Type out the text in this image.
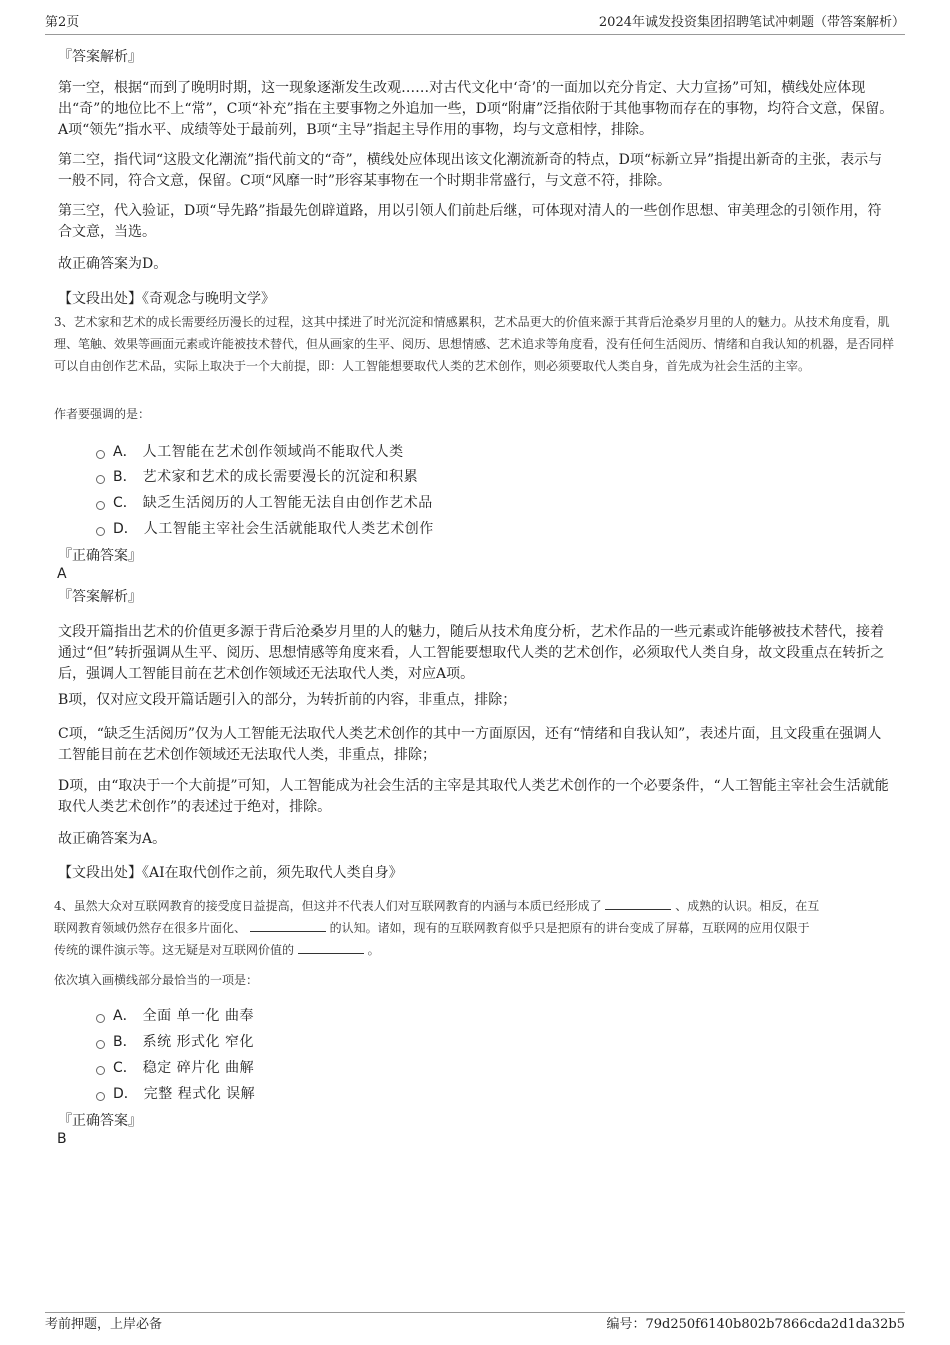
第2页	2024年诚发投资集团招聘笔试冲刺题（带答案解析）
『答案解析』
第一空，根据“而到了晚明时期，这一现象逐渐发生改观……对古代文化中‘奇’的一面加以充分肯定、大力宣扬”可知，横线处应体现出“奇”的地位比不上“常”，C项“补充”指在主要事物之外追加一些，D项“附庸”泛指依附于其他事物而存在的事物，均符合文意，保留。A项“领先”指水平、成绩等处于最前列，B项“主导”指起主导作用的事物，均与文意相悖，排除。
第二空，指代词“这股文化潮流”指代前文的“奇”，横线处应体现出该文化潮流新奇的特点，D项“标新立异”指提出新奇的主张，表示与一般不同，符合文意，保留。C项“风靡一时”形容某事物在一个时期非常盛行，与文意不符，排除。
第三空，代入验证，D项“导先路”指最先创辟道路，用以引领人们前赴后继，可体现对清人的一些创作思想、审美理念的引领作用，符合文意，当选。
故正确答案为D。
【文段出处】《奇观念与晚明文学》
3、艺术家和艺术的成长需要经历漫长的过程，这其中揉进了时光沉淀和情感累积，艺术品更大的价值来源于其背后沧桑岁月里的人的魅力。从技术角度看，肌理、笔触、效果等画面元素或许能被技术替代，但从画家的生平、阅历、思想情感、艺术追求等角度看，没有任何生活阅历、情绪和自我认知的机器，是否同样可以自由创作艺术品，实际上取决于一个大前提，即：人工智能想要取代人类的艺术创作，则必须要取代人类自身，首先成为社会生活的主宰。
作者要强调的是：
A． 人工智能在艺术创作领域尚不能取代人类
B． 艺术家和艺术的成长需要漫长的沉淀和积累
C． 缺乏生活阅历的人工智能无法自由创作艺术品
D． 人工智能主宰社会生活就能取代人类艺术创作
『正确答案』
A
『答案解析』
文段开篇指出艺术的价值更多源于背后沧桑岁月里的人的魅力，随后从技术角度分析，艺术作品的一些元素或许能够被技术替代，接着通过“但”转折强调从生平、阅历、思想情感等角度来看，人工智能要想取代人类的艺术创作，必须取代人类自身，故文段重点在转折之后，强调人工智能目前在艺术创作领域还无法取代人类，对应A项。
B项，仅对应文段开篇话题引入的部分，为转折前的内容，非重点，排除；
C项，“缺乏生活阅历”仅为人工智能无法取代人类艺术创作的其中一方面原因，还有“情绪和自我认知”，表述片面，且文段重在强调人工智能目前在艺术创作领域还无法取代人类，非重点，排除；
D项，由“取决于一个大前提”可知，人工智能成为社会生活的主宰是其取代人类艺术创作的一个必要条件，“人工智能主宰社会生活就能取代人类艺术创作”的表述过于绝对，排除。
故正确答案为A。
【文段出处】《AI在取代创作之前，须先取代人类自身》
4、虽然大众对互联网教育的接受度日益提高，但这并不代表人们对互联网教育的内涵与本质已经形成了	、成熟的认识。相反，在互
联网教育领域仍然存在很多片面化、	的认知。诸如，现有的互联网教育似乎只是把原有的讲台变成了屏幕，互联网的应用仅限于
传统的课件演示等。这无疑是对互联网价值的	。
依次填入画横线部分最恰当的一项是：
A． 全面 单一化 曲奉
B． 系统 形式化 窄化
C． 稳定 碎片化 曲解
D． 完整 程式化 误解
『正确答案』
B
考前押题，上岸必备	编号：79d250f6140b802b7866cda2d1da32b5
